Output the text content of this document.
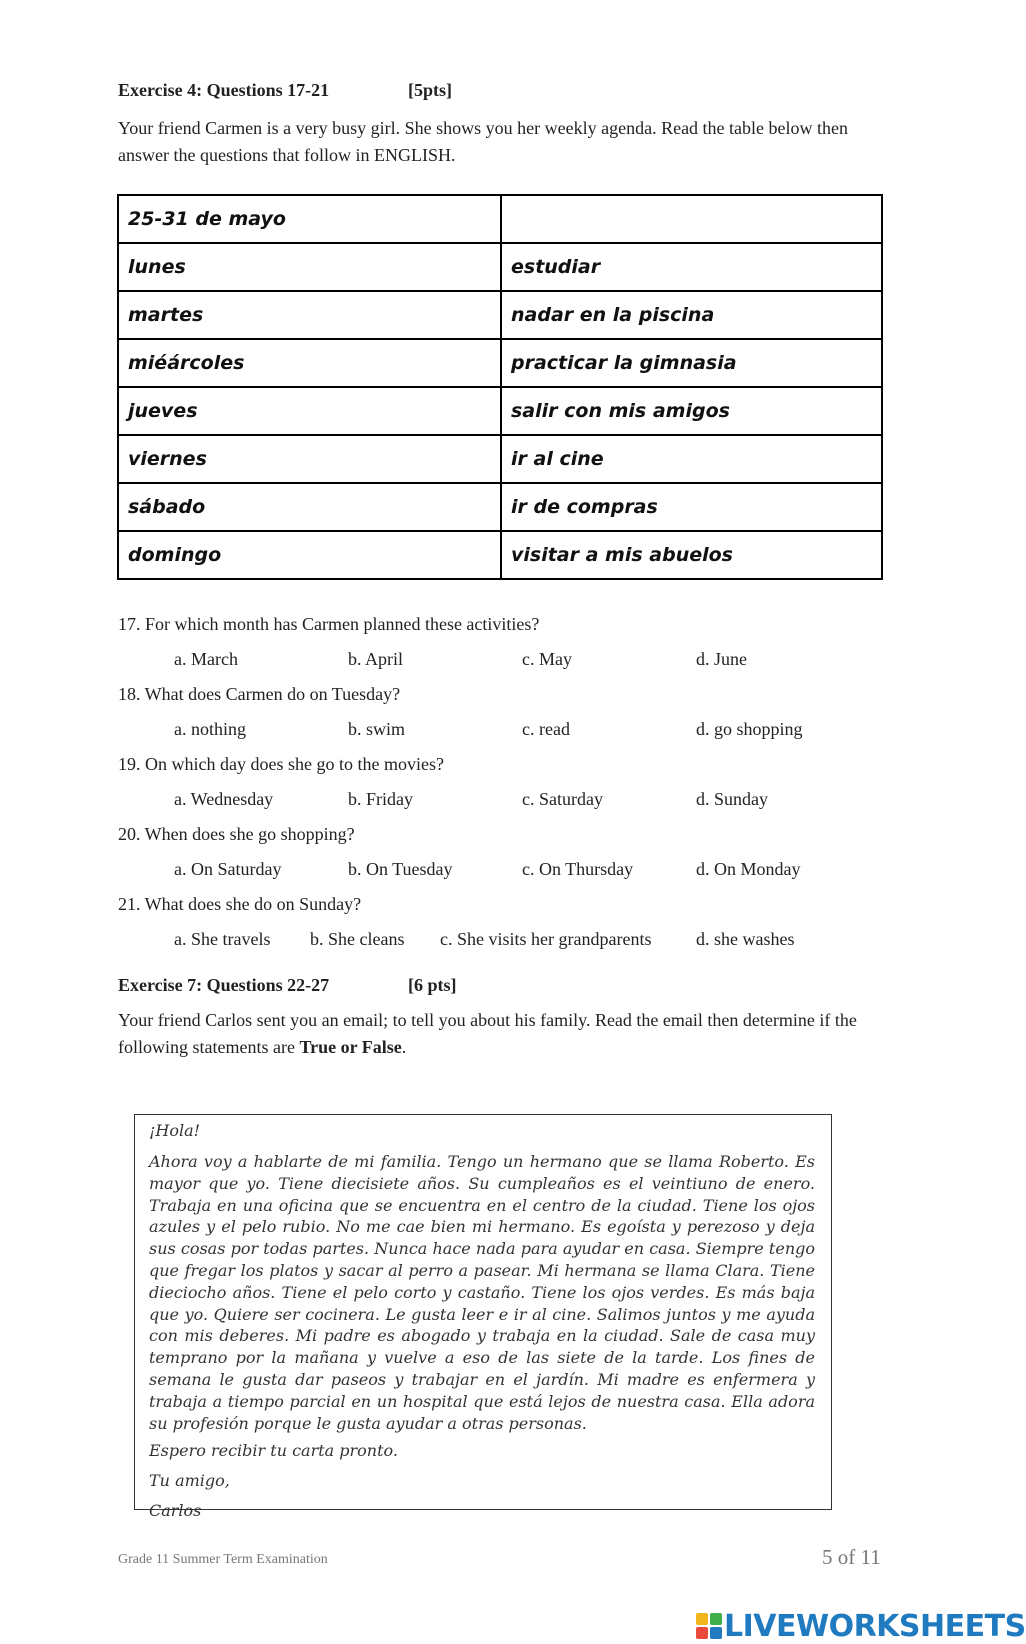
Exercise 4: Questions 17-21	[5pts]
Your friend Carmen is a very busy girl. She shows you her weekly agenda. Read the table below then answer the questions that follow in ENGLISH.
25-31 de mayo	
lunes	estudiar
martes	nadar en la piscina
miéárcoles	practicar la gimnasia
jueves	salir con mis amigos
viernes	ir al cine
sábado	ir de compras
domingo	visitar a mis abuelos
17. For which month has Carmen planned these activities?
a. March	b. April	c. May	d. June
18. What does Carmen do on Tuesday?
a. nothing	b. swim	c. read	d. go shopping
19. On which day does she go to the movies?
a. Wednesday	b. Friday	c. Saturday	d. Sunday
20. When does she go shopping?
a. On Saturday	b. On Tuesday	c. On Thursday	d. On Monday
21. What does she do on Sunday?
a. She travels b. She cleans c. She visits her grandparents d. she washes
Exercise 7: Questions 22-27	[6 pts]
Your friend Carlos sent you an email; to tell you about his family. Read the email then determine if the following statements are True or False.
¡Hola!
Ahora voy a hablarte de mi familia. Tengo un hermano que se llama Roberto. Es mayor que yo. Tiene diecisiete años. Su cumpleaños es el veintiuno de enero. Trabaja en una oficina que se encuentra en el centro de la ciudad. Tiene los ojos azules y el pelo rubio. No me cae bien mi hermano. Es egoísta y perezoso y deja sus cosas por todas partes. Nunca hace nada para ayudar en casa. Siempre tengo que fregar los platos y sacar al perro a pasear. Mi hermana se llama Clara. Tiene dieciocho años. Tiene el pelo corto y castaño. Tiene los ojos verdes. Es más baja que yo. Quiere ser cocinera. Le gusta leer e ir al cine. Salimos juntos y me ayuda con mis deberes. Mi padre es abogado y trabaja en la ciudad. Sale de casa muy temprano por la mañana y vuelve a eso de las siete de la tarde. Los fines de semana le gusta dar paseos y trabajar en el jardín. Mi madre es enfermera y trabaja a tiempo parcial en un hospital que está lejos de nuestra casa. Ella adora su profesión porque le gusta ayudar a otras personas.
Espero recibir tu carta pronto.
Tu amigo,
Carlos
Grade 11 Summer Term Examination	5 of 11
LIVEWORKSHEETS
